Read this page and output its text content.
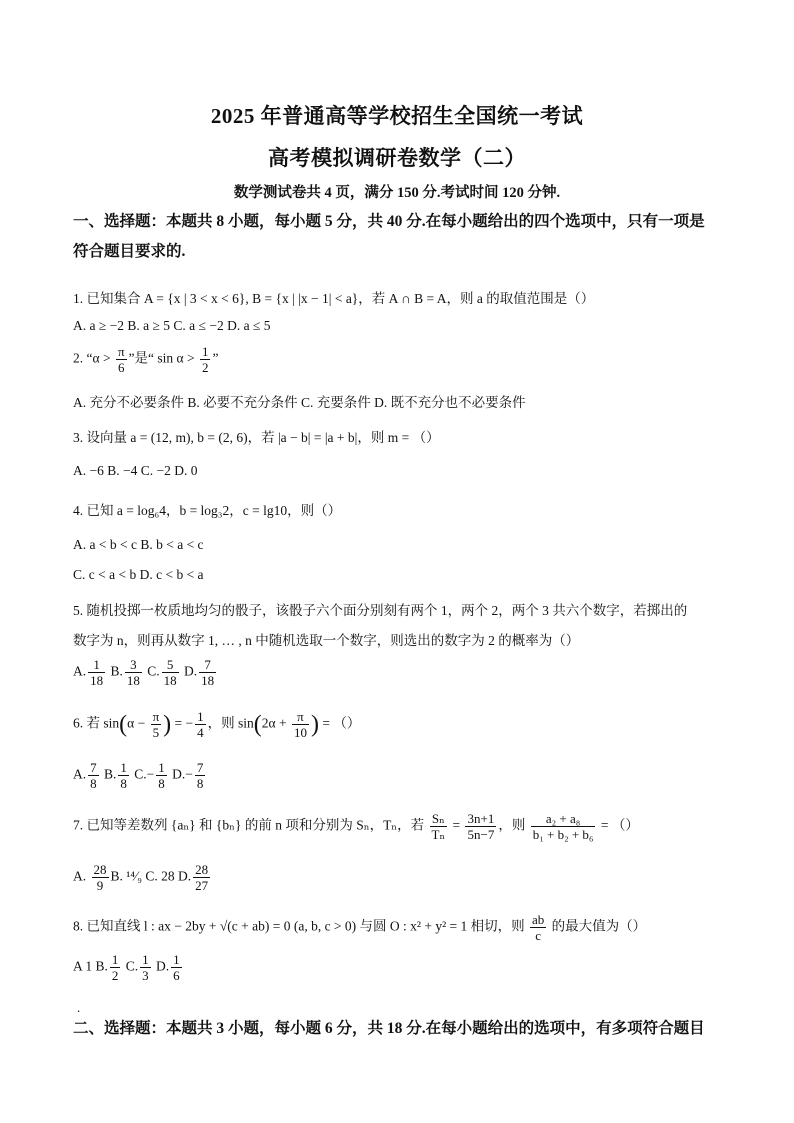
2025 年普通高等学校招生全国统一考试
高考模拟调研卷数学（二）
数学测试卷共 4 页，满分 150 分.考试时间 120 分钟.
一、选择题：本题共 8 小题，每小题 5 分，共 40 分.在每小题给出的四个选项中，只有一项是
符合题目要求的.
1. 已知集合 A = {x | 3 < x < 6}, B = {x | |x − 1| < a}，若 A ∩ B = A，则 a 的取值范围是（）
A. a ≥ −2 B. a ≥ 5 C. a ≤ −2 D. a ≤ 5
2. “$\alpha > \frac{\pi}{6}$ ”是“ $\sin \alpha > \frac{1}{2}$ ”
A. 充分不必要条件 B. 必要不充分条件 C. 充要条件 D. 既不充分也不必要条件
3. 设向量 a = (12, m), b = (2, 6)，若 |a − b| = |a + b|，则 m = （）
A. −6 B. −4 C. −2 D. 0
4. 已知 a = log₆4，b = log₃2，c = lg10，则（）
A. a < b < c B. b < a < c
C. c < a < b D. c < b < a
5. 随机投掷一枚质地均匀的骰子，该骰子六个面分别刻有两个 1，两个 2，两个 3 共六个数字，若掷出的
数字为 n，则再从数字 1, … , n 中随机选取一个数字，则选出的数字为 2 的概率为（）
A. $\frac{1}{18} B$. $\frac{3}{18} C$. $\frac{5}{18} D$. $\frac{7}{18}$
6. 若 $\sin(\alpha - \frac{\pi}{5}$ ) = − $\frac{1}{4}$ ，则 $\sin(2\alpha + \frac{\pi}{10}$ ) = （）
A. $\frac{7}{8} B$. $\frac{1}{8} C.- \frac{1}{8} D.- \frac{7}{8}$
7. 已知等差数列 {aₙ} 和 {bₙ} 的前 n 项和分别为 Sₙ，Tₙ，若 $\frac{\text{Sₙ}}{\text{Tₙ}} = \frac{3n+1}{5n-7}$ ，则 $\frac{\text{a₂ + a₈}}{\text{b₁ + b₂ + b₆}}$ = （）
A. $\frac{28}{9} B$. ¹⁴⁄₉ C. 28 D. $\frac{28}{27}$
8. 已知直线 l : ax − 2by + √(c + ab) = 0 (a, b, c > 0) 与圆 O : x² + y² = 1 相切，则 $\frac{ab}{c}$ 的最大值为（）
A 1 B. $\frac{1}{2} C$. $\frac{1}{3} D$. $\frac{1}{6}$
.
二、选择题：本题共 3 小题，每小题 6 分，共 18 分.在每小题给出的选项中，有多项符合题目
